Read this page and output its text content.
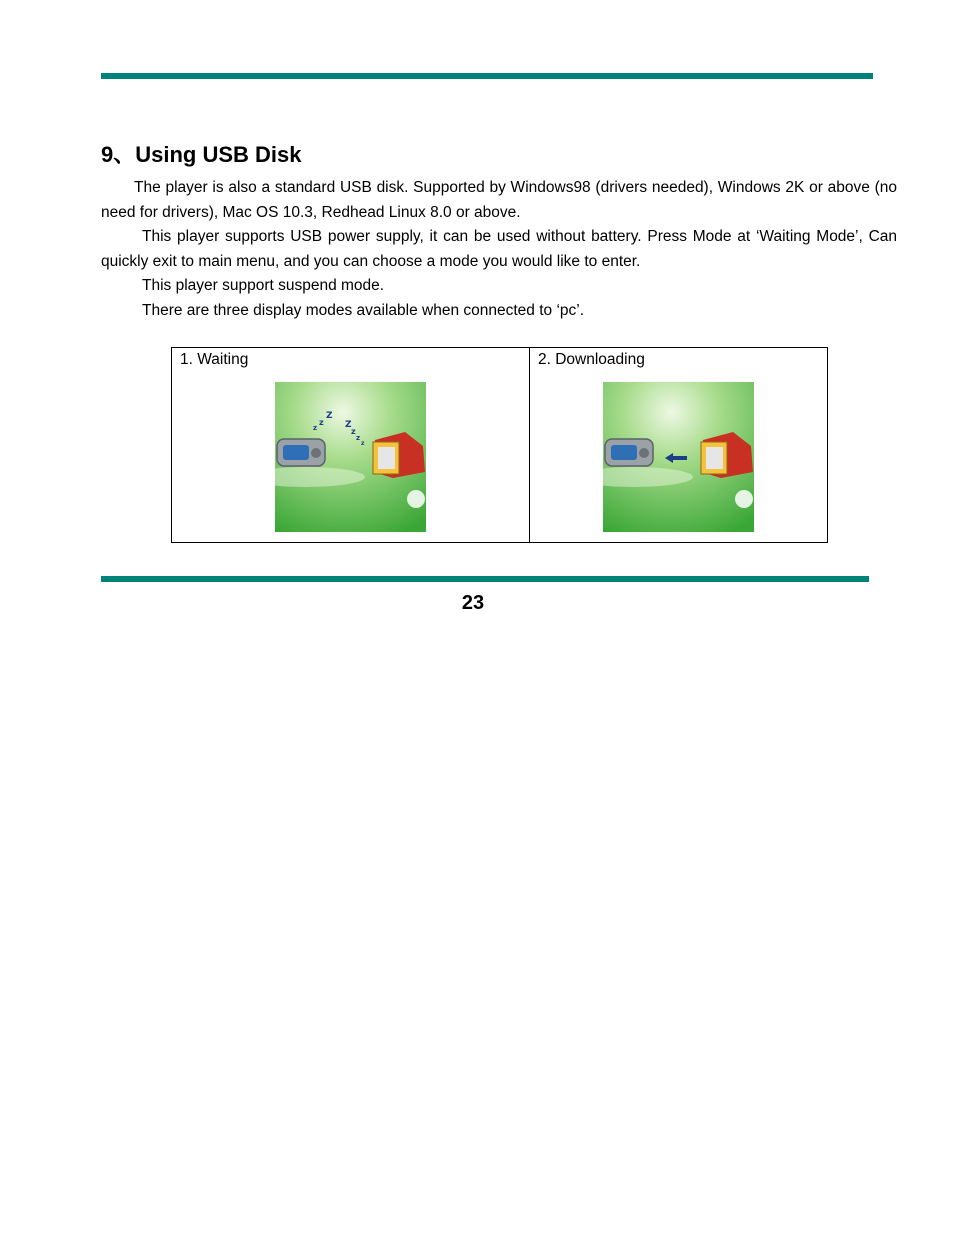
9、Using USB Disk

The player is also a standard USB disk. Supported by Windows98 (drivers needed), Windows 2K or above (no need for drivers), Mac OS 10.3, Redhead Linux 8.0 or above.

This player supports USB power supply, it can be used without battery. Press Mode at ‘Waiting Mode’, Can quickly exit to main menu, and you can choose a mode you would like to enter.

This player support suspend mode.

There are three display modes available when connected to ‘pc’.

1. Waiting
z
z
Z
Z
z
z
z
2. Downloading
23
